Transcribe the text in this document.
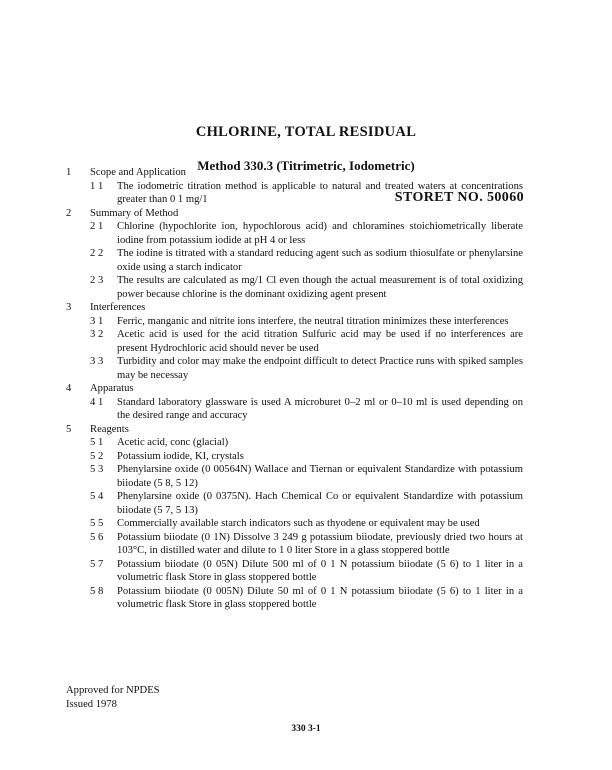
CHLORINE, TOTAL RESIDUAL
Method 330.3 (Titrimetric, Iodometric)
STORET NO. 50060
1	Scope and Application
1 1	The iodometric titration method is applicable to natural and treated waters at concentrations greater than 0 1 mg/1
2	Summary of Method
2 1	Chlorine (hypochlorite ion, hypochlorous acid) and chloramines stoichiometrically liberate iodine from potassium iodide at pH 4 or less
2 2	The iodine is titrated with a standard reducing agent such as sodium thiosulfate or phenylarsine oxide using a starch indicator
2 3	The results are calculated as mg/1 Cl even though the actual measurement is of total oxidizing power because chlorine is the dominant oxidizing agent present
3	Interferences
3 1	Ferric, manganic and nitrite ions interfere, the neutral titration minimizes these interferences
3 2	Acetic acid is used for the acid titration Sulfuric acid may be used if no interferences are present Hydrochloric acid should never be used
3 3	Turbidity and color may make the endpoint difficult to detect Practice runs with spiked samples may be necessay
4	Apparatus
4 1	Standard laboratory glassware is used A microburet 0–2 ml or 0–10 ml is used depending on the desired range and accuracy
5	Reagents
5 1	Acetic acid, conc (glacial)
5 2	Potassium iodide, KI, crystals
5 3	Phenylarsine oxide (0 00564N) Wallace and Tiernan or equivalent Standardize with potassium biiodate (5 8, 5 12)
5 4	Phenylarsine oxide (0 0375N). Hach Chemical Co or equivalent Standardize with potassium biiodate (5 7, 5 13)
5 5	Commercially available starch indicators such as thyodene or equivalent may be used
5 6	Potassium biiodate (0 1N) Dissolve 3 249 g potassium biiodate, previously dried two hours at 103°C, in distilled water and dilute to 1 0 liter Store in a glass stoppered bottle
5 7	Potassium biiodate (0 05N) Dilute 500 ml of 0 1 N potassium biiodate (5 6) to 1 liter in a volumetric flask Store in glass stoppered bottle
5 8	Potassium biiodate (0 005N) Dilute 50 ml of 0 1 N potassium biiodate (5 6) to 1 liter in a volumetric flask Store in glass stoppered bottle
Approved for NPDES
Issued 1978
330 3-1
